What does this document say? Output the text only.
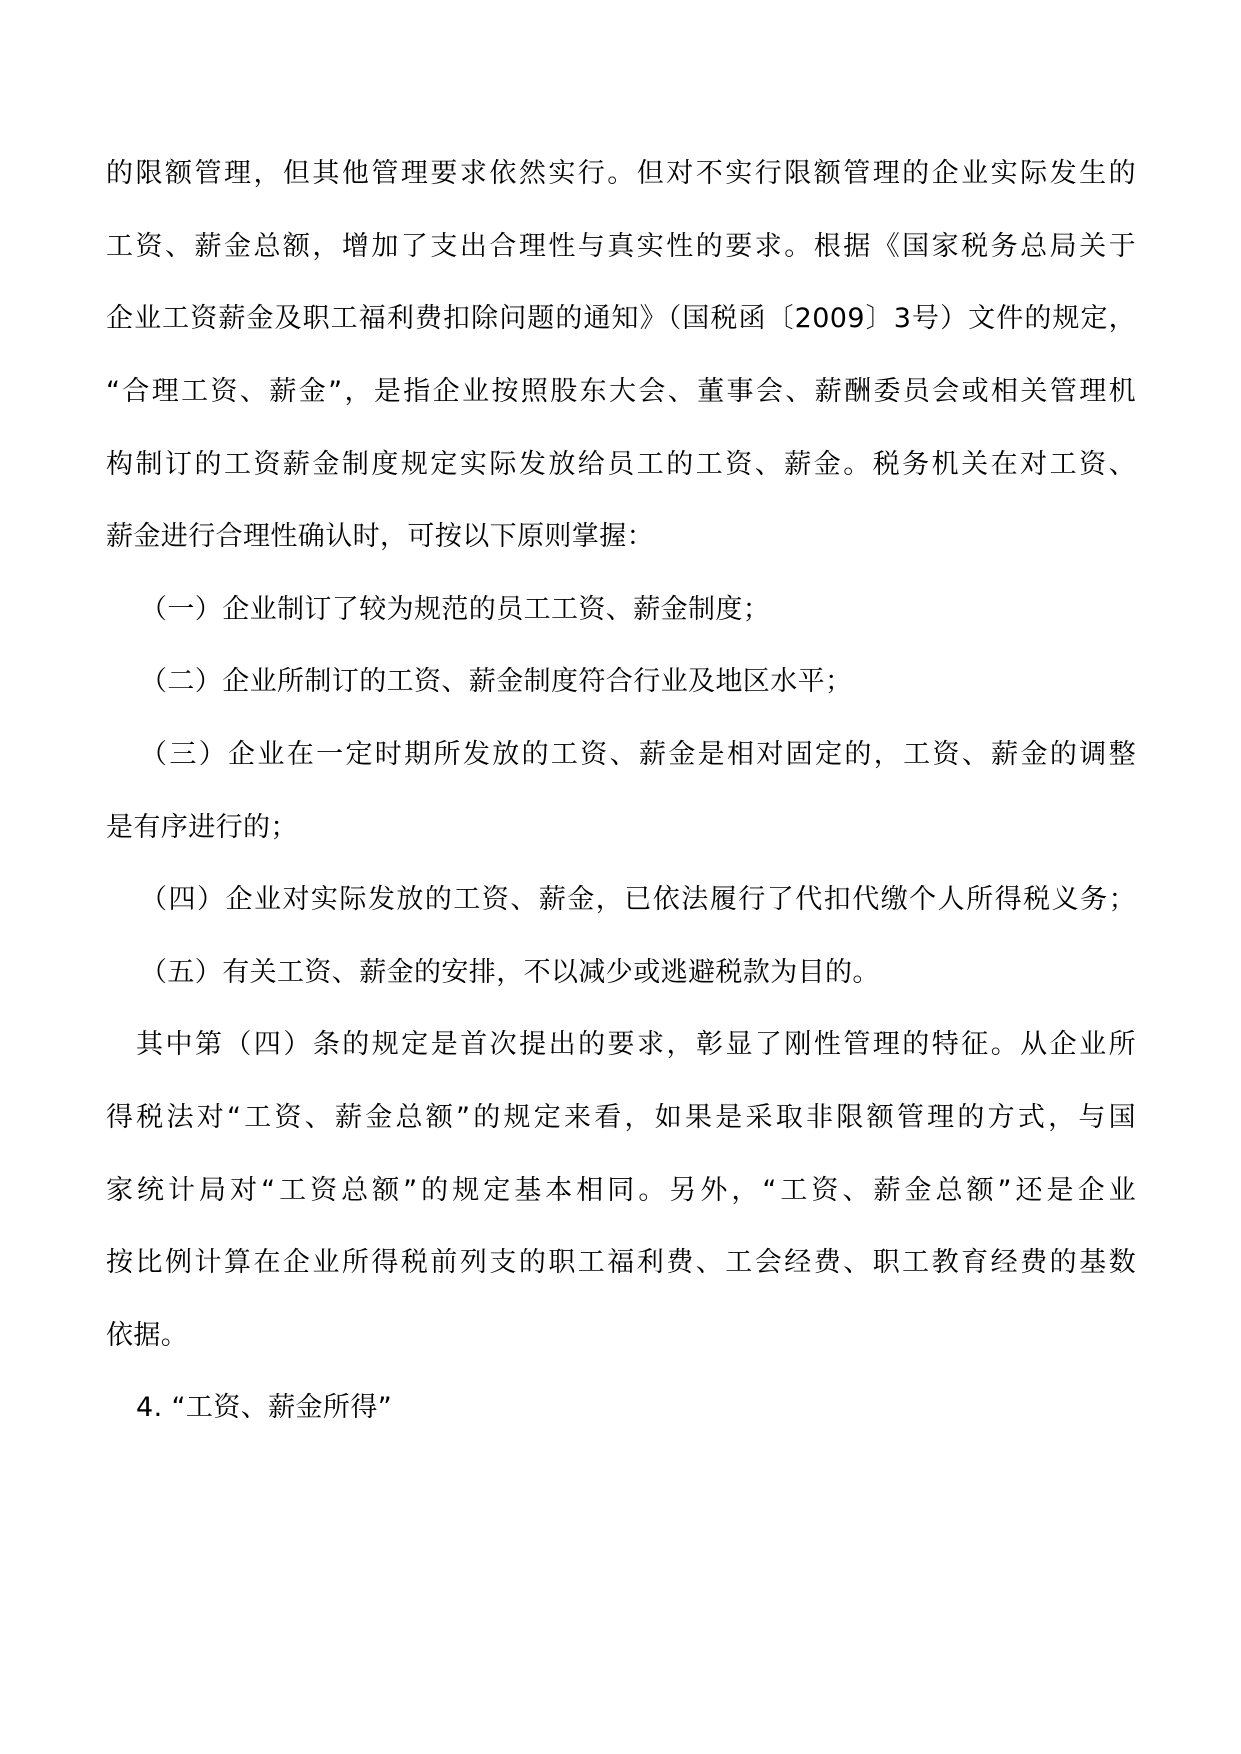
的限额管理，但其他管理要求依然实行。但对不实行限额管理的企业实际发生的
工资、薪金总额，增加了支出合理性与真实性的要求。根据《国家税务总局关于
企业工资薪金及职工福利费扣除问题的通知》（国税函〔2009〕3号）文件的规定，
“合理工资、薪金”，是指企业按照股东大会、董事会、薪酬委员会或相关管理机
构制订的工资薪金制度规定实际发放给员工的工资、薪金。税务机关在对工资、
薪金进行合理性确认时，可按以下原则掌握：
（一）企业制订了较为规范的员工工资、薪金制度；
（二）企业所制订的工资、薪金制度符合行业及地区水平；
（三）企业在一定时期所发放的工资、薪金是相对固定的，工资、薪金的调整
是有序进行的；
（四）企业对实际发放的工资、薪金，已依法履行了代扣代缴个人所得税义务；
（五）有关工资、薪金的安排，不以减少或逃避税款为目的。
其中第（四）条的规定是首次提出的要求，彰显了刚性管理的特征。从企业所
得税法对“工资、薪金总额”的规定来看，如果是采取非限额管理的方式，与国
家统计局对“工资总额”的规定基本相同。另外，“工资、薪金总额”还是企业
按比例计算在企业所得税前列支的职工福利费、工会经费、职工教育经费的基数
依据。
4. “工资、薪金所得”
